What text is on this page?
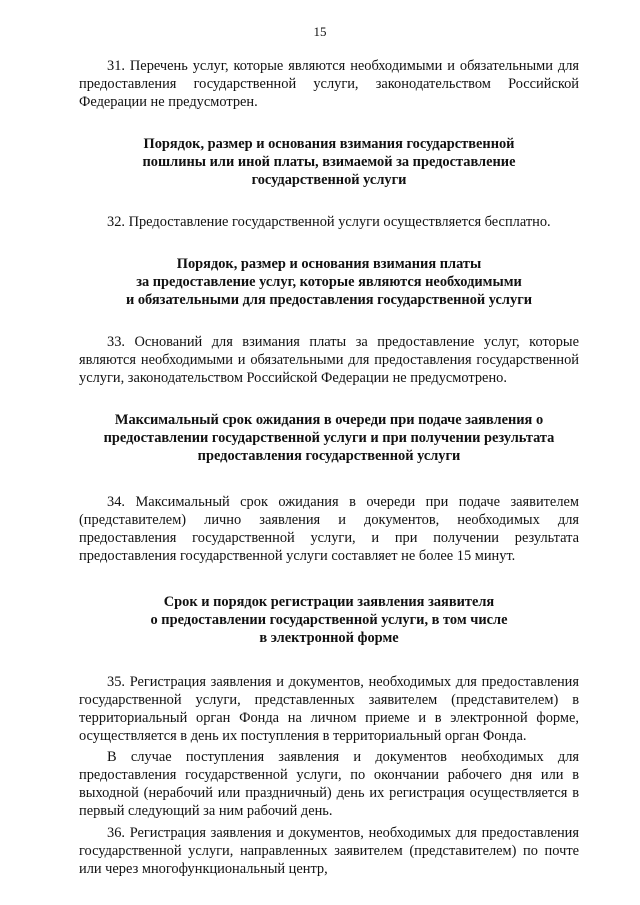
15

31. Перечень услуг, которые являются необходимыми и обязательными для предоставления государственной услуги, законодательством Российской Федерации не предусмотрен.

Порядок, размер и основания взимания государственной
пошлины или иной платы, взимаемой за предоставление
государственной услуги

32. Предоставление государственной услуги осуществляется бесплатно.

Порядок, размер и основания взимания платы
за предоставление услуг, которые являются необходимыми
и обязательными для предоставления государственной услуги

33. Оснований для взимания платы за предоставление услуг, которые являются необходимыми и обязательными для предоставления государственной услуги, законодательством Российской Федерации не предусмотрено.

Максимальный срок ожидания в очереди при подаче заявления о
предоставлении государственной услуги и при получении результата
предоставления государственной услуги

34. Максимальный срок ожидания в очереди при подаче заявителем (представителем) лично заявления и документов, необходимых для предоставления государственной услуги, и при получении результата предоставления государственной услуги составляет не более 15 минут.

Срок и порядок регистрации заявления заявителя
о предоставлении государственной услуги, в том числе
в электронной форме

35. Регистрация заявления и документов, необходимых для предоставления государственной услуги, представленных заявителем (представителем) в территориальный орган Фонда на личном приеме и в электронной форме, осуществляется в день их поступления в территориальный орган Фонда.

В случае поступления заявления и документов необходимых для предоставления государственной услуги, по окончании рабочего дня или в выходной (нерабочий или праздничный) день их регистрация осуществляется в первый следующий за ним рабочий день.

36. Регистрация заявления и документов, необходимых для предоставления государственной услуги, направленных заявителем (представителем) по почте или через многофункциональный центр,
